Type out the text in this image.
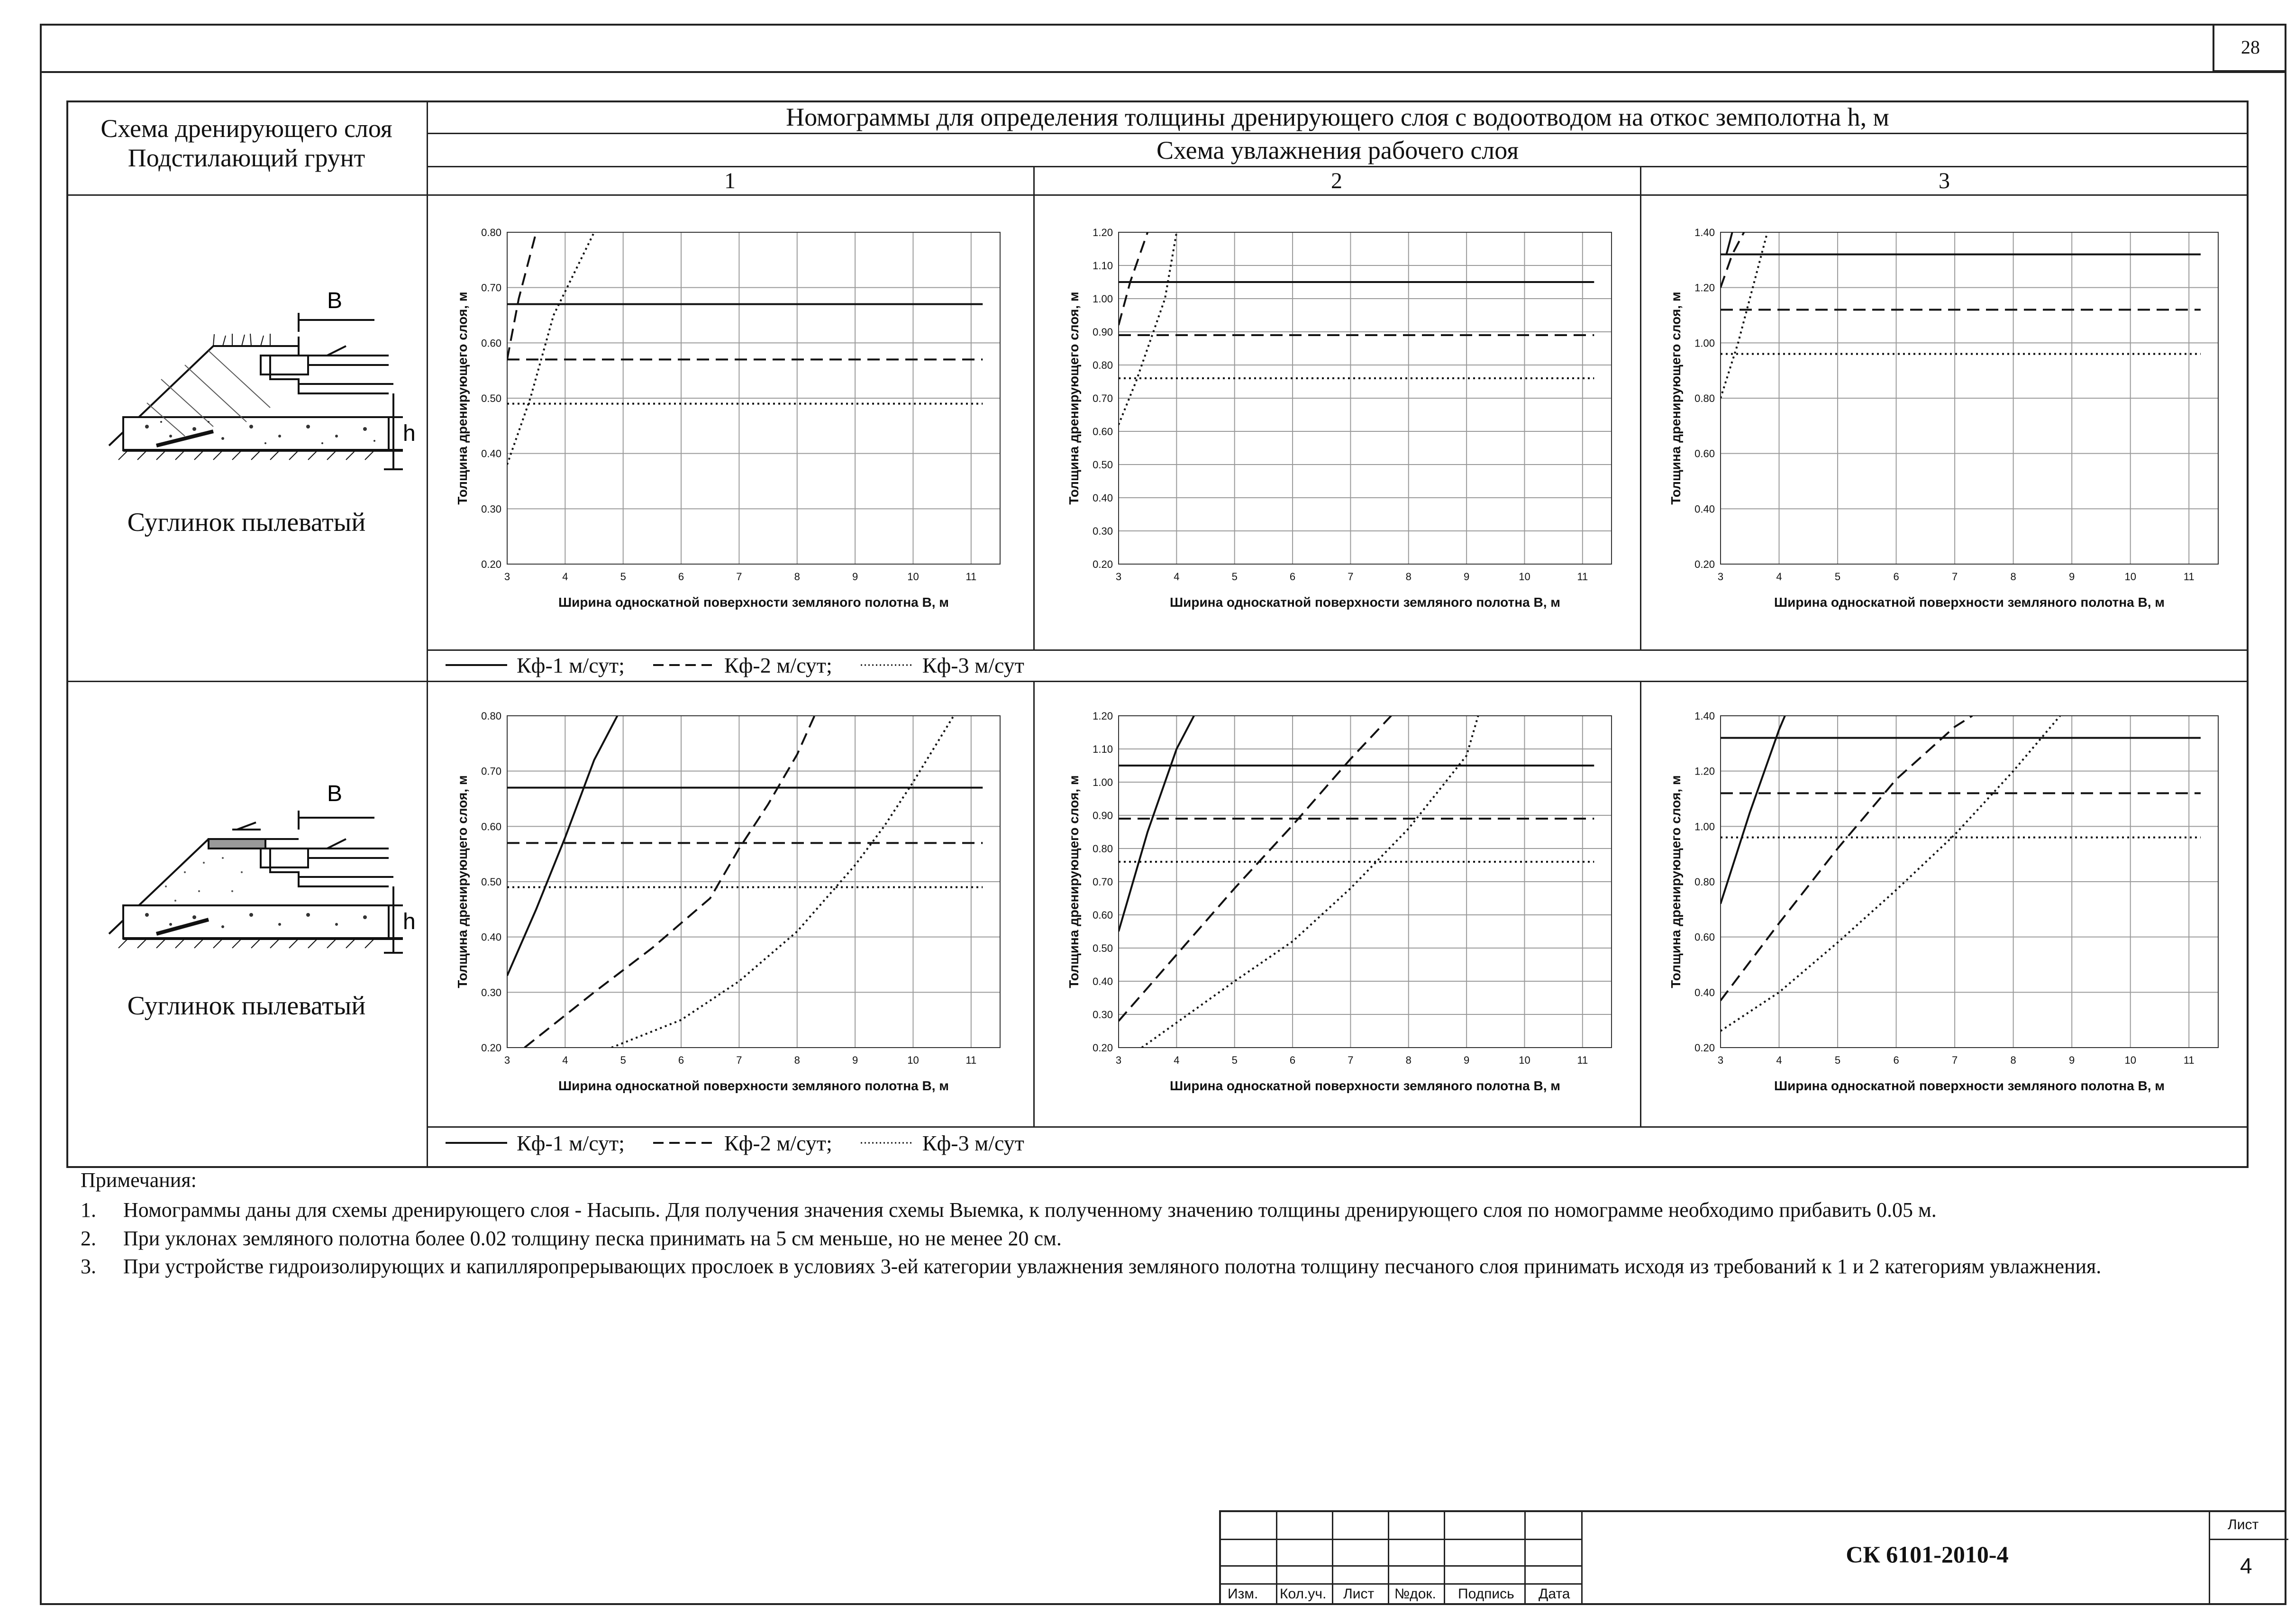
28
Схема дренирующего слоя
Подстилающий грунт
Номограммы для определения толщины дренирующего слоя с водоотводом на откос земполотна h, м
Схема увлажнения рабочего слоя
1	2	3
B
h
Суглинок пылеватый
B
h
Суглинок пылеватый
0.20
0.30
0.40
0.50
0.60
0.70
0.80
3	4	5	6	7	8	9	10	11
Ширина односкатной поверхности земляного полотна B, м
Толщина дренирующего слоя, м
0.20
0.30
0.40
0.50
0.60
0.70
0.80
0.90
1.00
1.10
1.20
3	4	5	6	7	8	9	10	11
Ширина односкатной поверхности земляного полотна B, м
Толщина дренирующего слоя, м
0.20
0.40
0.60
0.80
1.00
1.20
1.40
3	4	5	6	7	8	9	10	11
Ширина односкатной поверхности земляного полотна B, м
Толщина дренирующего слоя, м
0.20
0.30
0.40
0.50
0.60
0.70
0.80
3	4	5	6	7	8	9	10	11
Ширина односкатной поверхности земляного полотна B, м
Толщина дренирующего слоя, м
0.20
0.30
0.40
0.50
0.60
0.70
0.80
0.90
1.00
1.10
1.20
3	4	5	6	7	8	9	10	11
Ширина односкатной поверхности земляного полотна B, м
Толщина дренирующего слоя, м
0.20
0.40
0.60
0.80
1.00
1.20
1.40
3	4	5	6	7	8	9	10	11
Ширина односкатной поверхности земляного полотна B, м
Толщина дренирующего слоя, м
Кф-1 м/сут;	Кф-2 м/сут;	Кф-3 м/сут
Кф-1 м/сут;	Кф-2 м/сут;	Кф-3 м/сут
Примечания:
1.	Номограммы даны для схемы дренирующего слоя - Насыпь. Для получения значения схемы Выемка, к полученному значению толщины дренирующего слоя по номограмме необходимо прибавить 0.05 м.
2.	При уклонах земляного полотна более 0.02 толщину песка принимать на 5 см меньше, но не менее 20 см.
3.	При устройстве гидроизолирующих и капилляропрерывающих прослоек в условиях 3-ей категории увлажнения земляного полотна толщину песчаного слоя принимать исходя из требований к 1 и 2 категориям увлажнения.
Изм. Кол.уч. Лист №док. Подпись Дата
СК 6101-2010-4
Лист
4
